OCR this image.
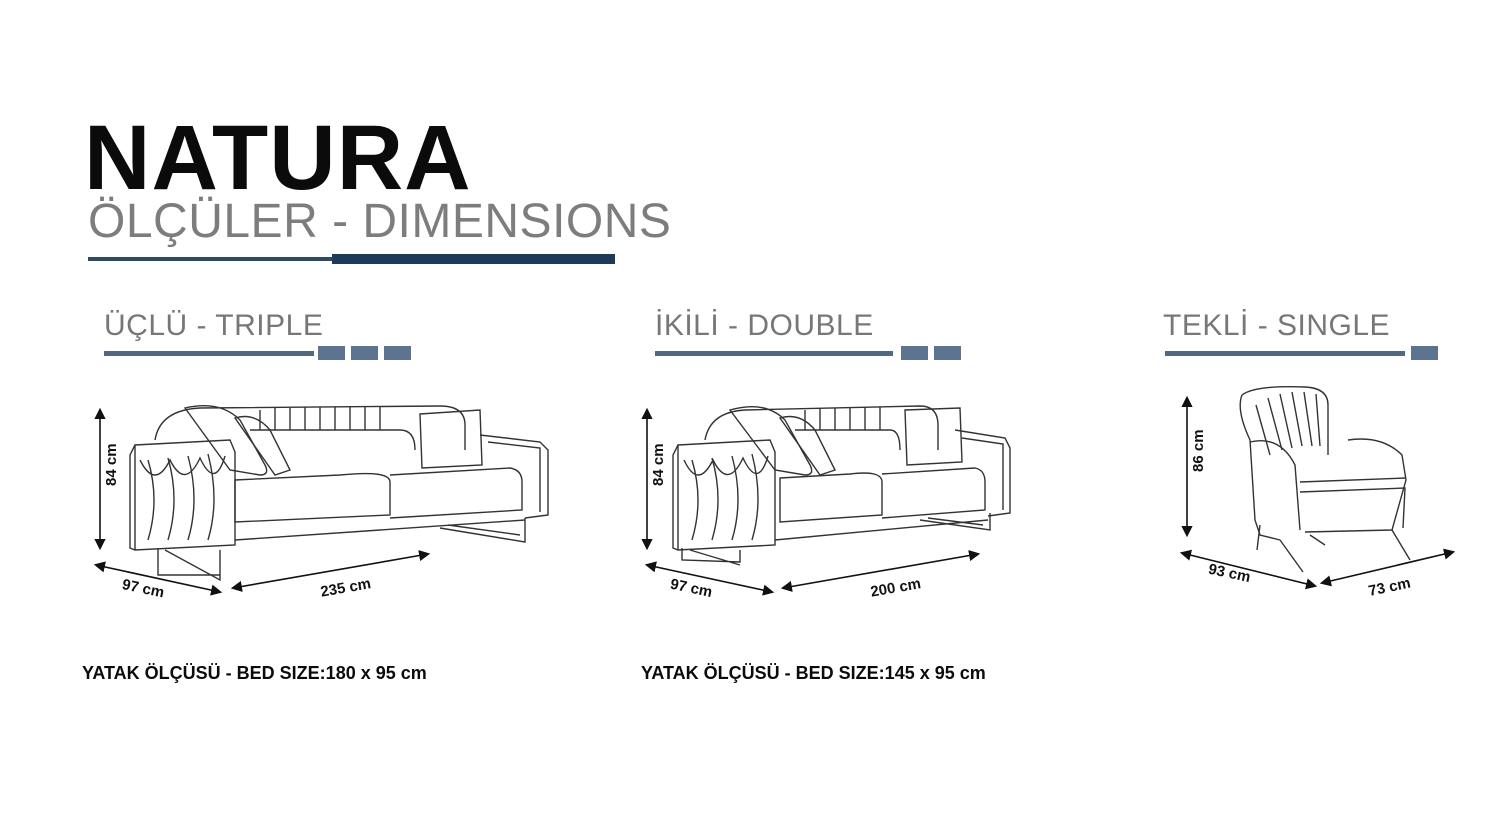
NATURA
ÖLÇÜLER - DIMENSIONS
ÜÇLÜ - TRIPLE
84 cm
97 cm	235 cm
YATAK ÖLÇÜSÜ - BED SIZE:180 x 95 cm
İKİLİ - DOUBLE
84 cm
97 cm	200 cm
YATAK ÖLÇÜSÜ - BED SIZE:145 x 95 cm
TEKLİ - SINGLE
86 cm
93 cm
73 cm
